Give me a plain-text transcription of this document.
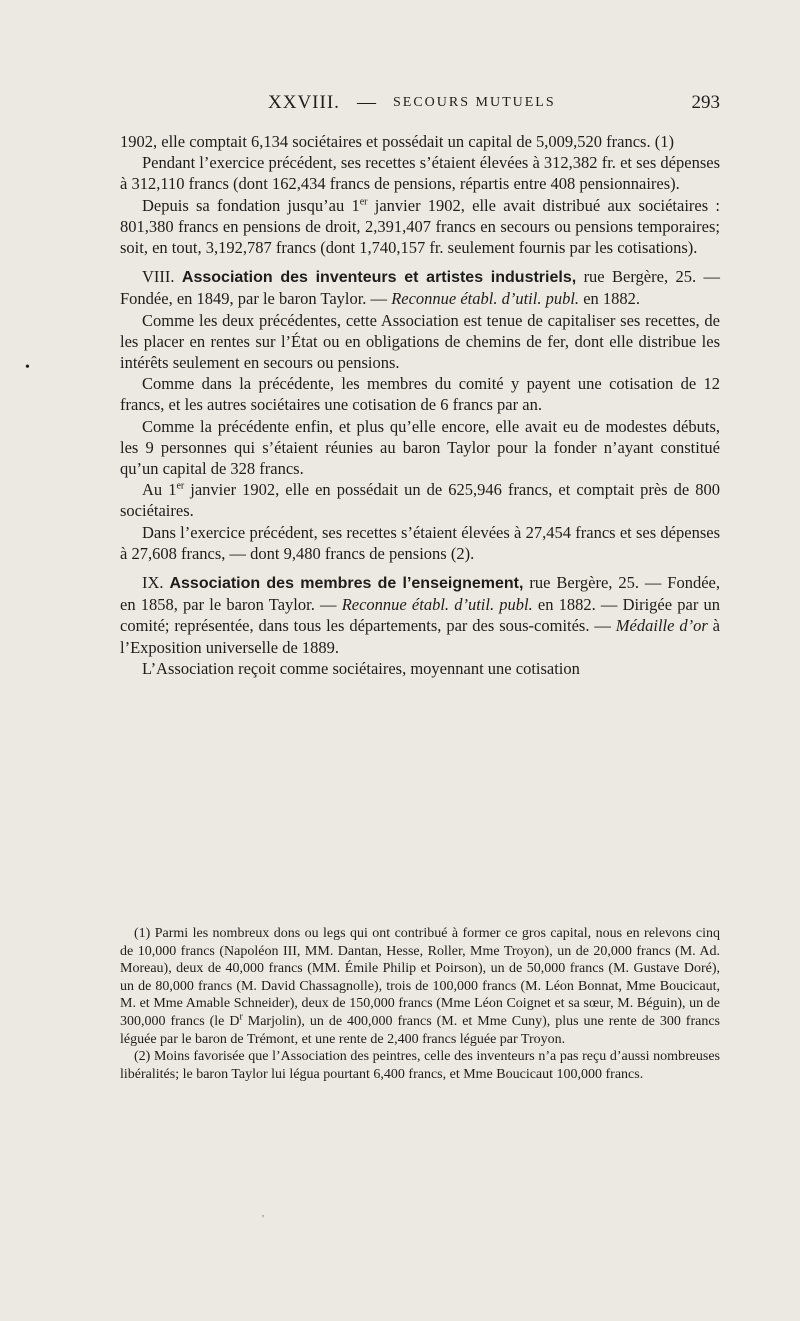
XXVIII. — SECOURS MUTUELS	293
•

1902, elle comptait 6,134 sociétaires et possédait un capital de 5,009,520 francs. (1)

Pendant l’exercice précédent, ses recettes s’étaient élevées à 312,382 fr. et ses dépenses à 312,110 francs (dont 162,434 francs de pensions, répartis entre 408 pensionnaires).

Depuis sa fondation jusqu’au 1er janvier 1902, elle avait distribué aux sociétaires : 801,380 francs en pensions de droit, 2,391,407 francs en secours ou pensions temporaires; soit, en tout, 3,192,787 francs (dont 1,740,157 fr. seulement fournis par les cotisations).

VIII. Association des inventeurs et artistes industriels, rue Bergère, 25. — Fondée, en 1849, par le baron Taylor. — Reconnue établ. d’util. publ. en 1882.

Comme les deux précédentes, cette Association est tenue de capitaliser ses recettes, de les placer en rentes sur l’État ou en obligations de chemins de fer, dont elle distribue les intérêts seulement en secours ou pensions.

Comme dans la précédente, les membres du comité y payent une cotisation de 12 francs, et les autres sociétaires une cotisation de 6 francs par an.

Comme la précédente enfin, et plus qu’elle encore, elle avait eu de modestes débuts, les 9 personnes qui s’étaient réunies au baron Taylor pour la fonder n’ayant constitué qu’un capital de 328 francs.

Au 1er janvier 1902, elle en possédait un de 625,946 francs, et comptait près de 800 sociétaires.

Dans l’exercice précédent, ses recettes s’étaient élevées à 27,454 francs et ses dépenses à 27,608 francs, — dont 9,480 francs de pensions (2).

IX. Association des membres de l’enseignement, rue Bergère, 25. — Fondée, en 1858, par le baron Taylor. — Reconnue établ. d’util. publ. en 1882. — Dirigée par un comité; représentée, dans tous les départements, par des sous-comités. — Médaille d’or à l’Exposition universelle de 1889.

L’Association reçoit comme sociétaires, moyennant une cotisation

(1) Parmi les nombreux dons ou legs qui ont contribué à former ce gros capital, nous en relevons cinq de 10,000 francs (Napoléon III, MM. Dantan, Hesse, Roller, Mme Troyon), un de 20,000 francs (M. Ad. Moreau), deux de 40,000 francs (MM. Émile Philip et Poirson), un de 50,000 francs (M. Gustave Doré), un de 80,000 francs (M. David Chassagnolle), trois de 100,000 francs (M. Léon Bonnat, Mme Boucicaut, M. et Mme Amable Schneider), deux de 150,000 francs (Mme Léon Coignet et sa sœur, M. Béguin), un de 300,000 francs (le $D^r$ Marjolin), un de 400,000 francs (M. et Mme Cuny), plus une rente de 300 francs léguée par le baron de Trémont, et une rente de 2,400 francs léguée par Troyon.

(2) Moins favorisée que l’Association des peintres, celle des inventeurs n’a pas reçu d’aussi nombreuses libéralités; le baron Taylor lui légua pourtant 6,400 francs, et Mme Boucicaut 100,000 francs.

'
